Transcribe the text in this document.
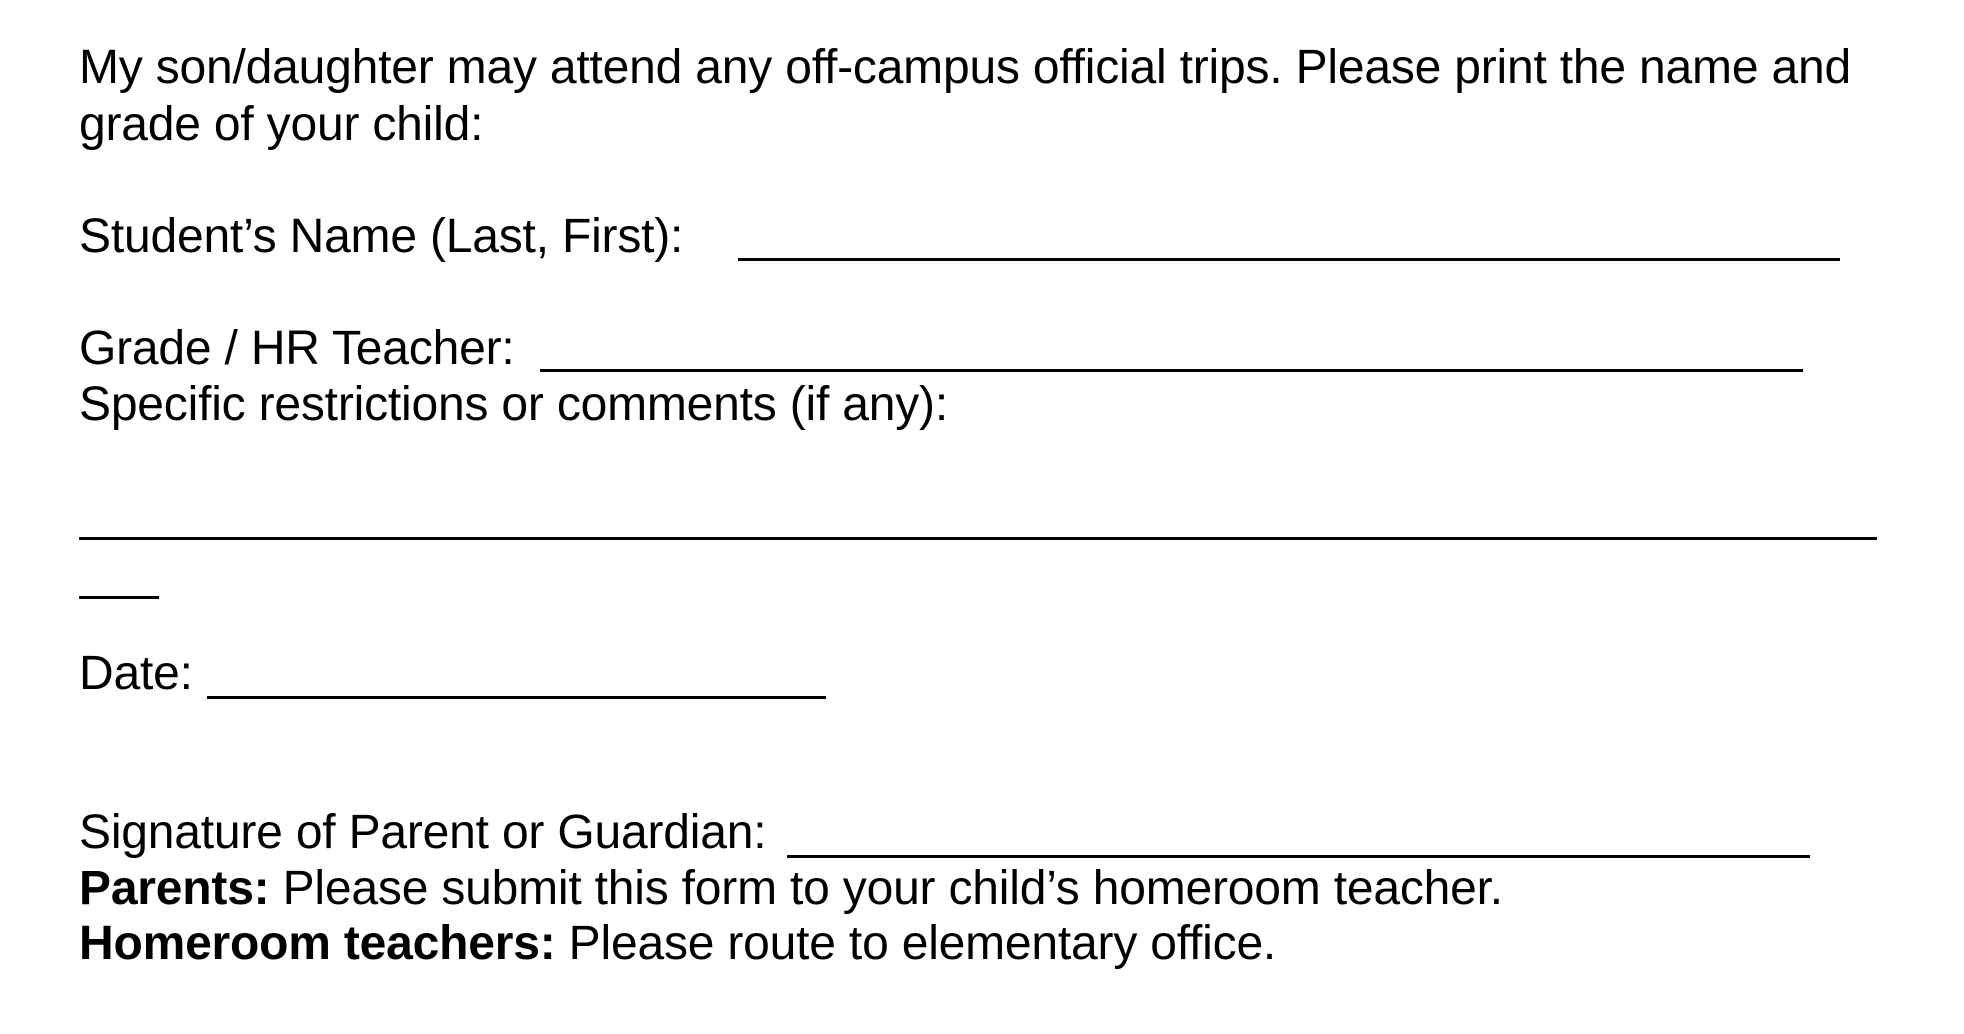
My son/daughter may attend any off-campus official trips. Please print the name and
grade of your child:
Student’s Name (Last, First):
Grade / HR Teacher:
Specific restrictions or comments (if any):
Date:
Signature of Parent or Guardian:
Parents: Please submit this form to your child’s homeroom teacher.
Homeroom teachers: Please route to elementary office.
